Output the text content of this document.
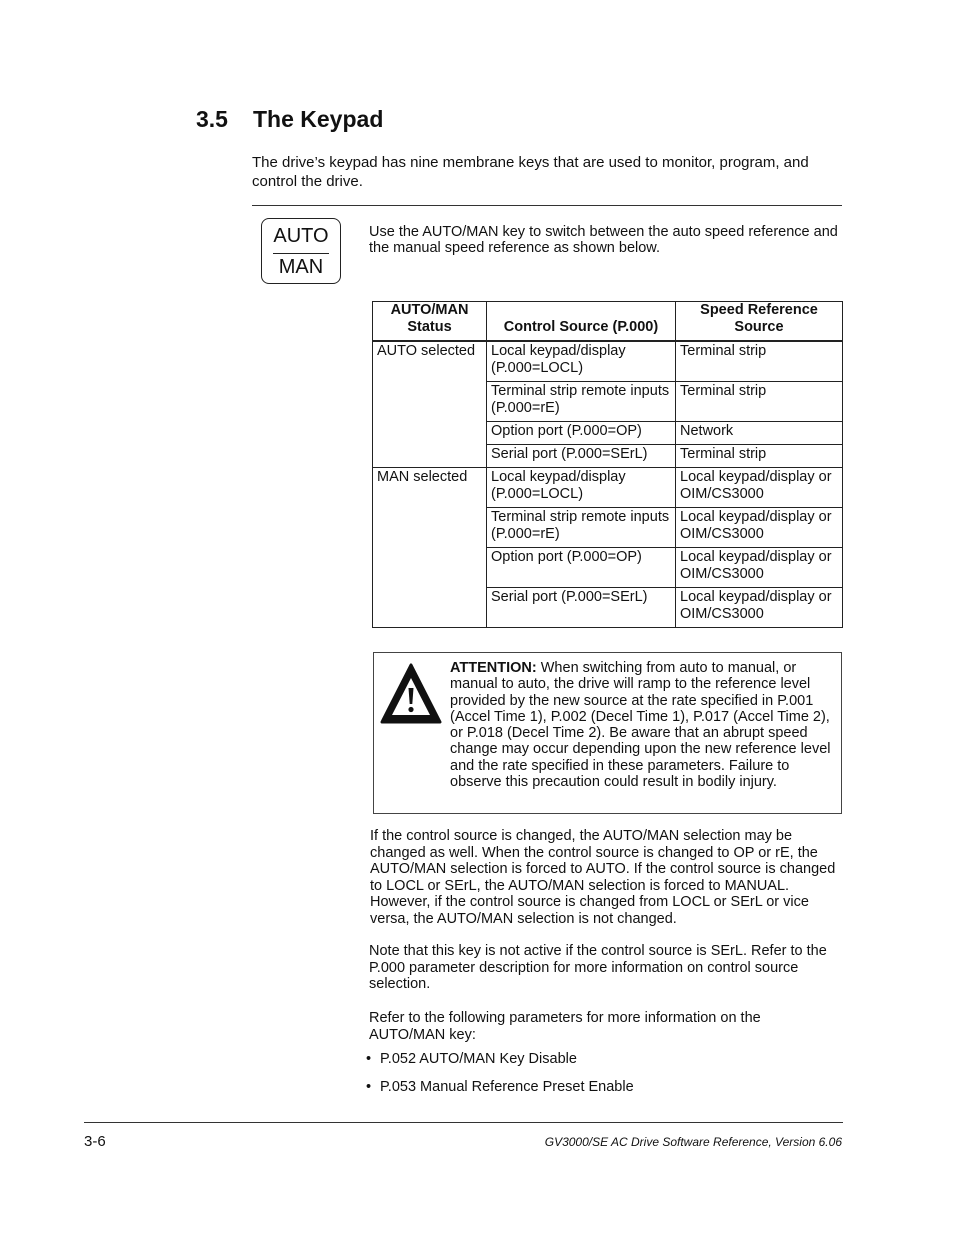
3.5 The Keypad

The drive’s keypad has nine membrane keys that are used to monitor, program, and control the drive.

AUTO
MAN

Use the AUTO/MAN key to switch between the auto speed reference and the manual speed reference as shown below.

AUTO/MAN Status	Control Source (P.000)	Speed Reference Source
AUTO selected	Local keypad/display (P.000=LOCL)	Terminal strip
	Terminal strip remote inputs (P.000=rE)	Terminal strip
	Option port (P.000=OP)	Network
	Serial port (P.000=SErL)	Terminal strip
MAN selected	Local keypad/display (P.000=LOCL)	Local keypad/display or OIM/CS3000
	Terminal strip remote inputs (P.000=rE)	Local keypad/display or OIM/CS3000
	Option port (P.000=OP)	Local keypad/display or OIM/CS3000
	Serial port (P.000=SErL)	Local keypad/display or OIM/CS3000

ATTENTION: When switching from auto to manual, or manual to auto, the drive will ramp to the reference level provided by the new source at the rate specified in P.001 (Accel Time 1), P.002 (Decel Time 1), P.017 (Accel Time 2), or P.018 (Decel Time 2). Be aware that an abrupt speed change may occur depending upon the new reference level and the rate specified in these parameters. Failure to observe this precaution could result in bodily injury.

If the control source is changed, the AUTO/MAN selection may be changed as well. When the control source is changed to OP or rE, the AUTO/MAN selection is forced to AUTO. If the control source is changed to LOCL or SErL, the AUTO/MAN selection is forced to MANUAL. However, if the control source is changed from LOCL or SErL or vice versa, the AUTO/MAN selection is not changed.

Note that this key is not active if the control source is SErL. Refer to the P.000 parameter description for more information on control source selection.

Refer to the following parameters for more information on the AUTO/MAN key:

• P.052 AUTO/MAN Key Disable

• P.053 Manual Reference Preset Enable

3-6	GV3000/SE AC Drive Software Reference, Version 6.06
